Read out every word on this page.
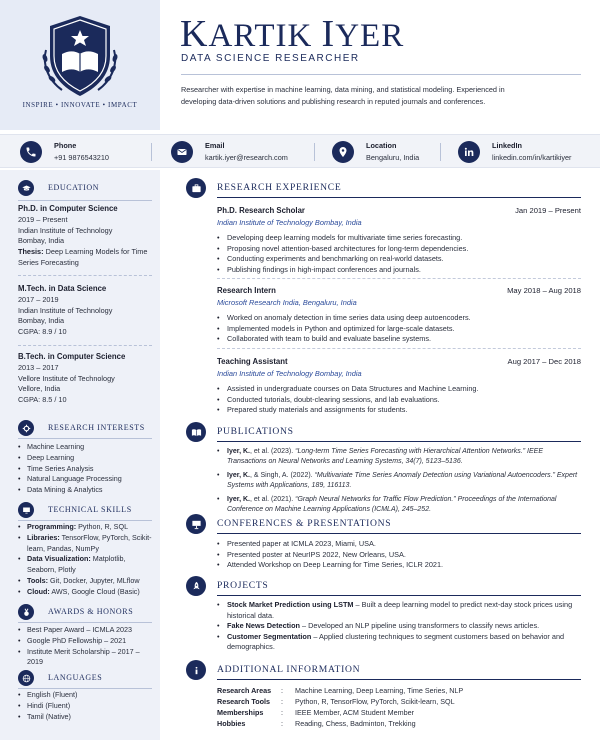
INSPIRE • INNOVATE • IMPACT
KARTIK IYER
DATA SCIENCE RESEARCHER
Researcher with expertise in machine learning, data mining, and statistical modeling. Experienced in developing data-driven solutions and publishing research in reputed journals and conferences.
Phone
+91 9876543210
Email
kartik.iyer@research.com
Location
Bengaluru, India
LinkedIn
linkedin.com/in/kartikiyer
EDUCATION
Ph.D. in Computer Science
2019 – Present
Indian Institute of Technology
Bombay, India
Thesis: Deep Learning Models for Time Series Forecasting
M.Tech. in Data Science
2017 – 2019
Indian Institute of Technology
Bombay, India
CGPA: 8.9 / 10
B.Tech. in Computer Science
2013 – 2017
Vellore Institute of Technology
Vellore, India
CGPA: 8.5 / 10
RESEARCH INTERESTS
• Machine Learning
• Deep Learning
• Time Series Analysis
• Natural Language Processing
• Data Mining & Analytics
TECHNICAL SKILLS
• Programming: Python, R, SQL
• Libraries: TensorFlow, PyTorch, Scikit-learn, Pandas, NumPy
• Data Visualization: Matplotlib, Seaborn, Plotly
• Tools: Git, Docker, Jupyter, MLflow
• Cloud: AWS, Google Cloud (Basic)
AWARDS & HONORS
• Best Paper Award – ICMLA 2023
• Google PhD Fellowship – 2021
• Institute Merit Scholarship – 2017 – 2019
LANGUAGES
• English (Fluent)
• Hindi (Fluent)
• Tamil (Native)
RESEARCH EXPERIENCE
Ph.D. Research Scholar	Jan 2019 – Present
Indian Institute of Technology Bombay, India
• Developing deep learning models for multivariate time series forecasting.
• Proposing novel attention-based architectures for long-term dependencies.
• Conducting experiments and benchmarking on real-world datasets.
• Publishing findings in high-impact conferences and journals.
Research Intern	May 2018 – Aug 2018
Microsoft Research India, Bengaluru, India
• Worked on anomaly detection in time series data using deep autoencoders.
• Implemented models in Python and optimized for large-scale datasets.
• Collaborated with team to build and evaluate baseline systems.
Teaching Assistant	Aug 2017 – Dec 2018
Indian Institute of Technology Bombay, India
• Assisted in undergraduate courses on Data Structures and Machine Learning.
• Conducted tutorials, doubt-clearing sessions, and lab evaluations.
• Prepared study materials and assignments for students.
PUBLICATIONS
• Iyer, K., et al. (2023). “Long-term Time Series Forecasting with Hierarchical Attention Networks.” IEEE Transactions on Neural Networks and Learning Systems, 34(7), 5123–5136.
• Iyer, K., & Singh, A. (2022). “Multivariate Time Series Anomaly Detection using Variational Autoencoders.” Expert Systems with Applications, 189, 116113.
• Iyer, K., et al. (2021). “Graph Neural Networks for Traffic Flow Prediction.” Proceedings of the International Conference on Machine Learning Applications (ICMLA), 245–252.
CONFERENCES & PRESENTATIONS
• Presented paper at ICMLA 2023, Miami, USA.
• Presented poster at NeurIPS 2022, New Orleans, USA.
• Attended Workshop on Deep Learning for Time Series, ICLR 2021.
PROJECTS
• Stock Market Prediction using LSTM – Built a deep learning model to predict next-day stock prices using historical data.
• Fake News Detection – Developed an NLP pipeline using transformers to classify news articles.
• Customer Segmentation – Applied clustering techniques to segment customers based on behavior and demographics.
ADDITIONAL INFORMATION
Research Areas	:	Machine Learning, Deep Learning, Time Series, NLP
Research Tools	:	Python, R, TensorFlow, PyTorch, Scikit-learn, SQL
Memberships	:	IEEE Member, ACM Student Member
Hobbies	:	Reading, Chess, Badminton, Trekking
